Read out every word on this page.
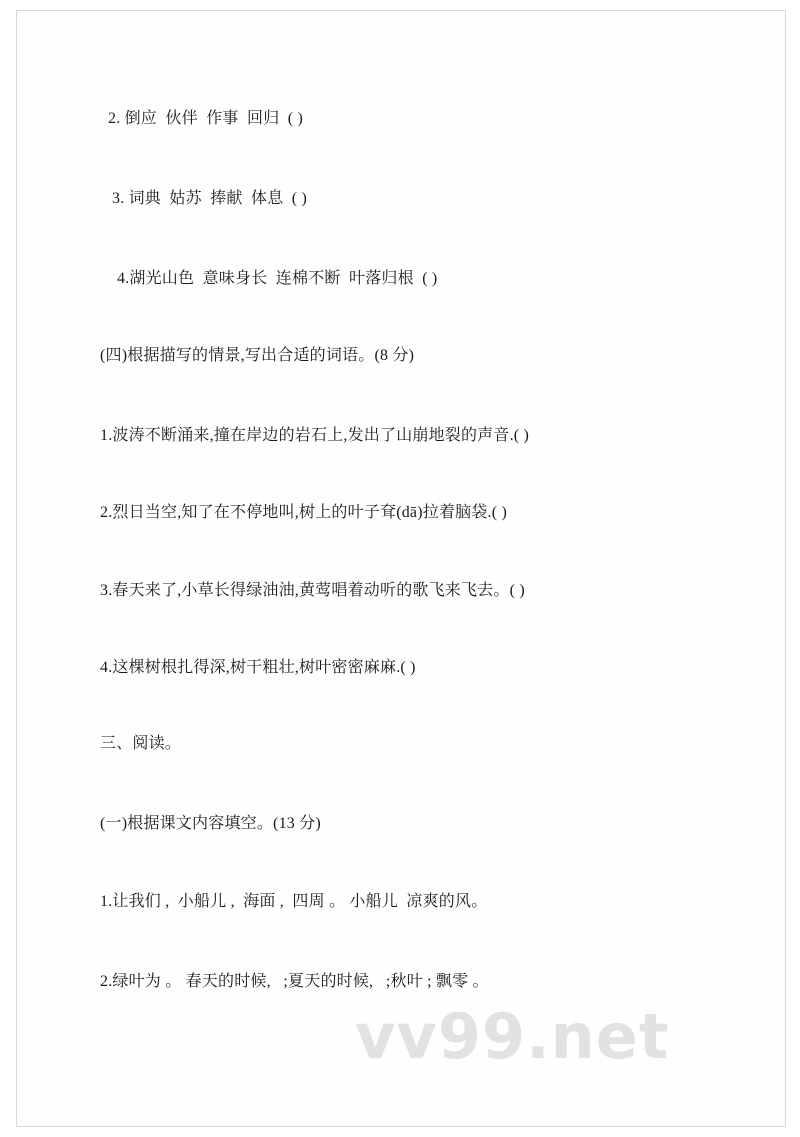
2. 倒应  伙伴  作事  回归  ( )
3. 词典  姑苏  捧献  体息  ( )
4.湖光山色  意味身长  连棉不断  叶落归根  ( )
(四)根据描写的情景,写出合适的词语。(8 分)
1.波涛不断涌来,撞在岸边的岩石上,发出了山崩地裂的声音.( )
2.烈日当空,知了在不停地叫,树上的叶子耷(dā)拉着脑袋.( )
3.春天来了,小草长得绿油油,黄莺唱着动听的歌飞来飞去。( )
4.这棵树根扎得深,树干粗壮,树叶密密麻麻.( )
三、阅读。
(一)根据课文内容填空。(13 分)
1.让我们 ,  小船儿 ,  海面 ,  四周 。 小船儿  凉爽的风。
2.绿叶为 。 春天的时候,   ;夏天的时候,   ;秋叶 ; 飘零 。
vv99.net
